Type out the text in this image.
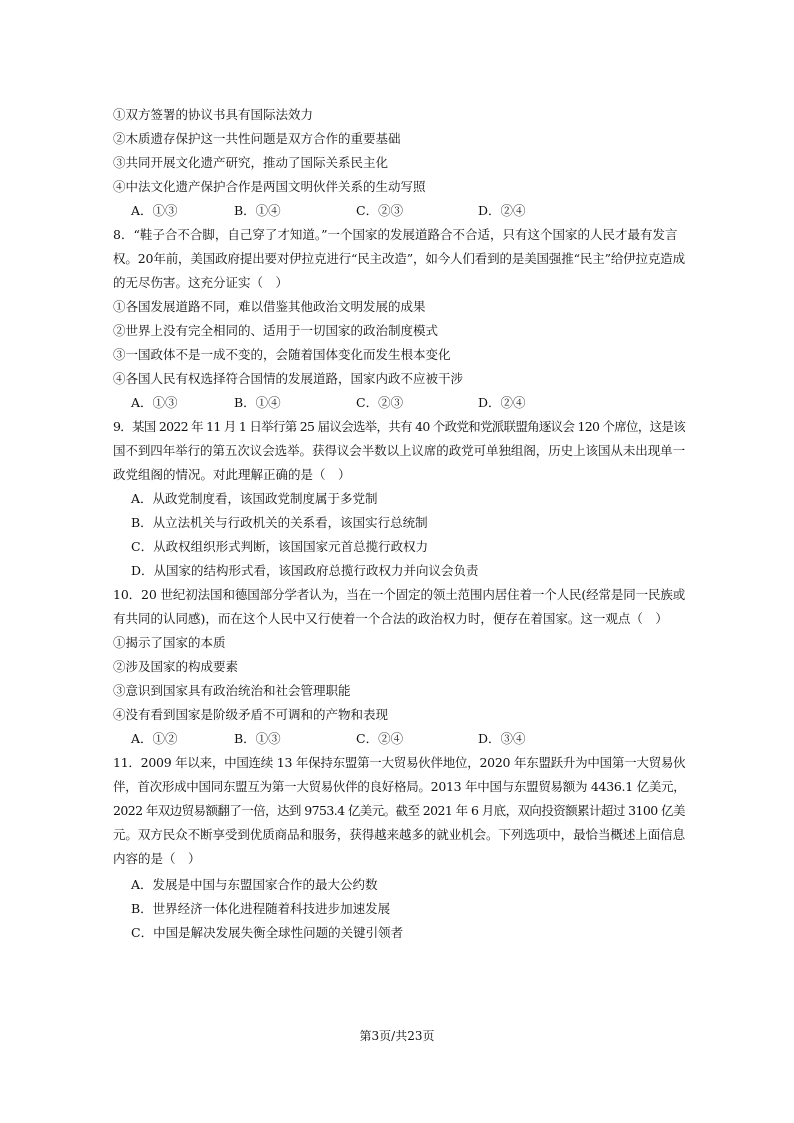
①双方签署的协议书具有国际法效力
②木质遗存保护这一共性问题是双方合作的重要基础
③共同开展文化遗产研究，推动了国际关系民主化
④中法文化遗产保护合作是两国文明伙伴关系的生动写照
A．①③	B．①④	C．②③	D．②④
8．“鞋子合不合脚，自己穿了才知道。”一个国家的发展道路合不合适，只有这个国家的人民才最有发言
权。20年前，美国政府提出要对伊拉克进行“民主改造”，如今人们看到的是美国强推“民主”给伊拉克造成
的无尽伤害。这充分证实（　）
①各国发展道路不同，难以借鉴其他政治文明发展的成果
②世界上没有完全相同的、适用于一切国家的政治制度模式
③一国政体不是一成不变的，会随着国体变化而发生根本变化
④各国人民有权选择符合国情的发展道路，国家内政不应被干涉
A．①③	B．①④	C．②③	D．②④
9．某国 2022 年 11 月 1 日举行第 25 届议会选举，共有 40 个政党和党派联盟角逐议会 120 个席位，这是该
国不到四年举行的第五次议会选举。获得议会半数以上议席的政党可单独组阁，历史上该国从未出现单一
政党组阁的情况。对此理解正确的是（　）
A．从政党制度看，该国政党制度属于多党制
B．从立法机关与行政机关的关系看，该国实行总统制
C．从政权组织形式判断，该国国家元首总揽行政权力
D．从国家的结构形式看，该国政府总揽行政权力并向议会负责
10．20 世纪初法国和德国部分学者认为，当在一个固定的领土范围内居住着一个人民(经常是同一民族或
有共同的认同感)，而在这个人民中又行使着一个合法的政治权力时，便存在着国家。这一观点（　）
①揭示了国家的本质
②涉及国家的构成要素
③意识到国家具有政治统治和社会管理职能
④没有看到国家是阶级矛盾不可调和的产物和表现
A．①②	B．①③	C．②④	D．③④
11．2009 年以来，中国连续 13 年保持东盟第一大贸易伙伴地位，2020 年东盟跃升为中国第一大贸易伙
伴，首次形成中国同东盟互为第一大贸易伙伴的良好格局。2013 年中国与东盟贸易额为 4436.1 亿美元，
2022 年双边贸易额翻了一倍，达到 9753.4 亿美元。截至 2021 年 6 月底，双向投资额累计超过 3100 亿美
元。双方民众不断享受到优质商品和服务，获得越来越多的就业机会。下列选项中，最恰当概述上面信息
内容的是（　）
A．发展是中国与东盟国家合作的最大公约数
B．世界经济一体化进程随着科技进步加速发展
C．中国是解决发展失衡全球性问题的关键引领者
第3页/共23页
